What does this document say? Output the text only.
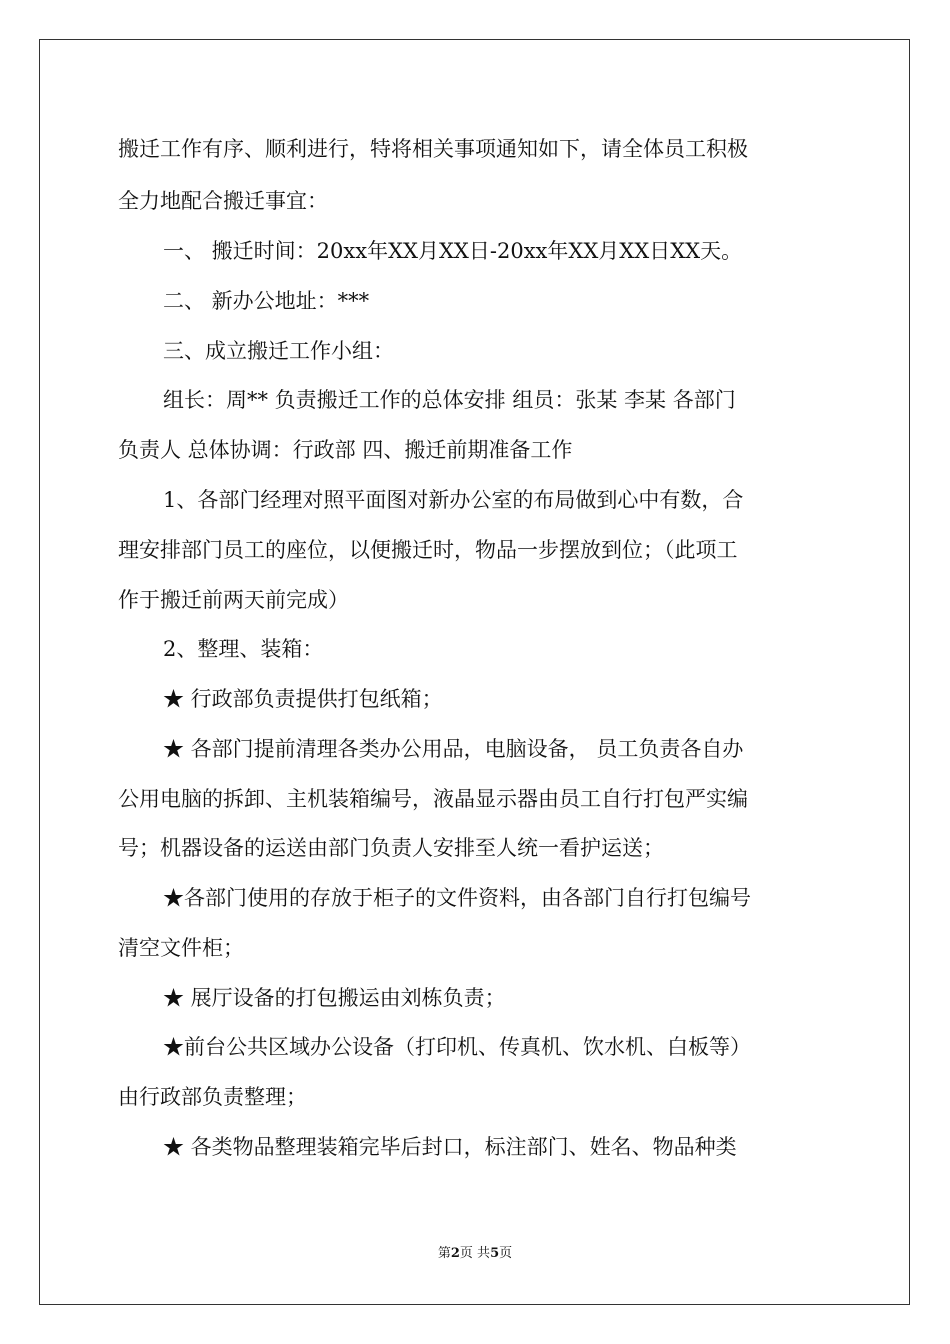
搬迁工作有序、顺利进行，特将相关事项通知如下，请全体员工积极
全力地配合搬迁事宜：
一、 搬迁时间：20xx年XX月XX日-20xx年XX月XX日XX天。
二、 新办公地址：***
三、成立搬迁工作小组：
组长：周** 负责搬迁工作的总体安排 组员：张某 李某 各部门
负责人 总体协调：行政部 四、搬迁前期准备工作
1、各部门经理对照平面图对新办公室的布局做到心中有数，合
理安排部门员工的座位，以便搬迁时，物品一步摆放到位；（此项工
作于搬迁前两天前完成）
2、整理、装箱：
★ 行政部负责提供打包纸箱；
★ 各部门提前清理各类办公用品，电脑设备， 员工负责各自办
公用电脑的拆卸、主机装箱编号，液晶显示器由员工自行打包严实编
号；机器设备的运送由部门负责人安排至人统一看护运送；
★各部门使用的存放于柜子的文件资料，由各部门自行打包编号
清空文件柜；
★ 展厅设备的打包搬运由刘栋负责；
★前台公共区域办公设备（打印机、传真机、饮水机、白板等）
由行政部负责整理；
★ 各类物品整理装箱完毕后封口，标注部门、姓名、物品种类
第2页 共5页
